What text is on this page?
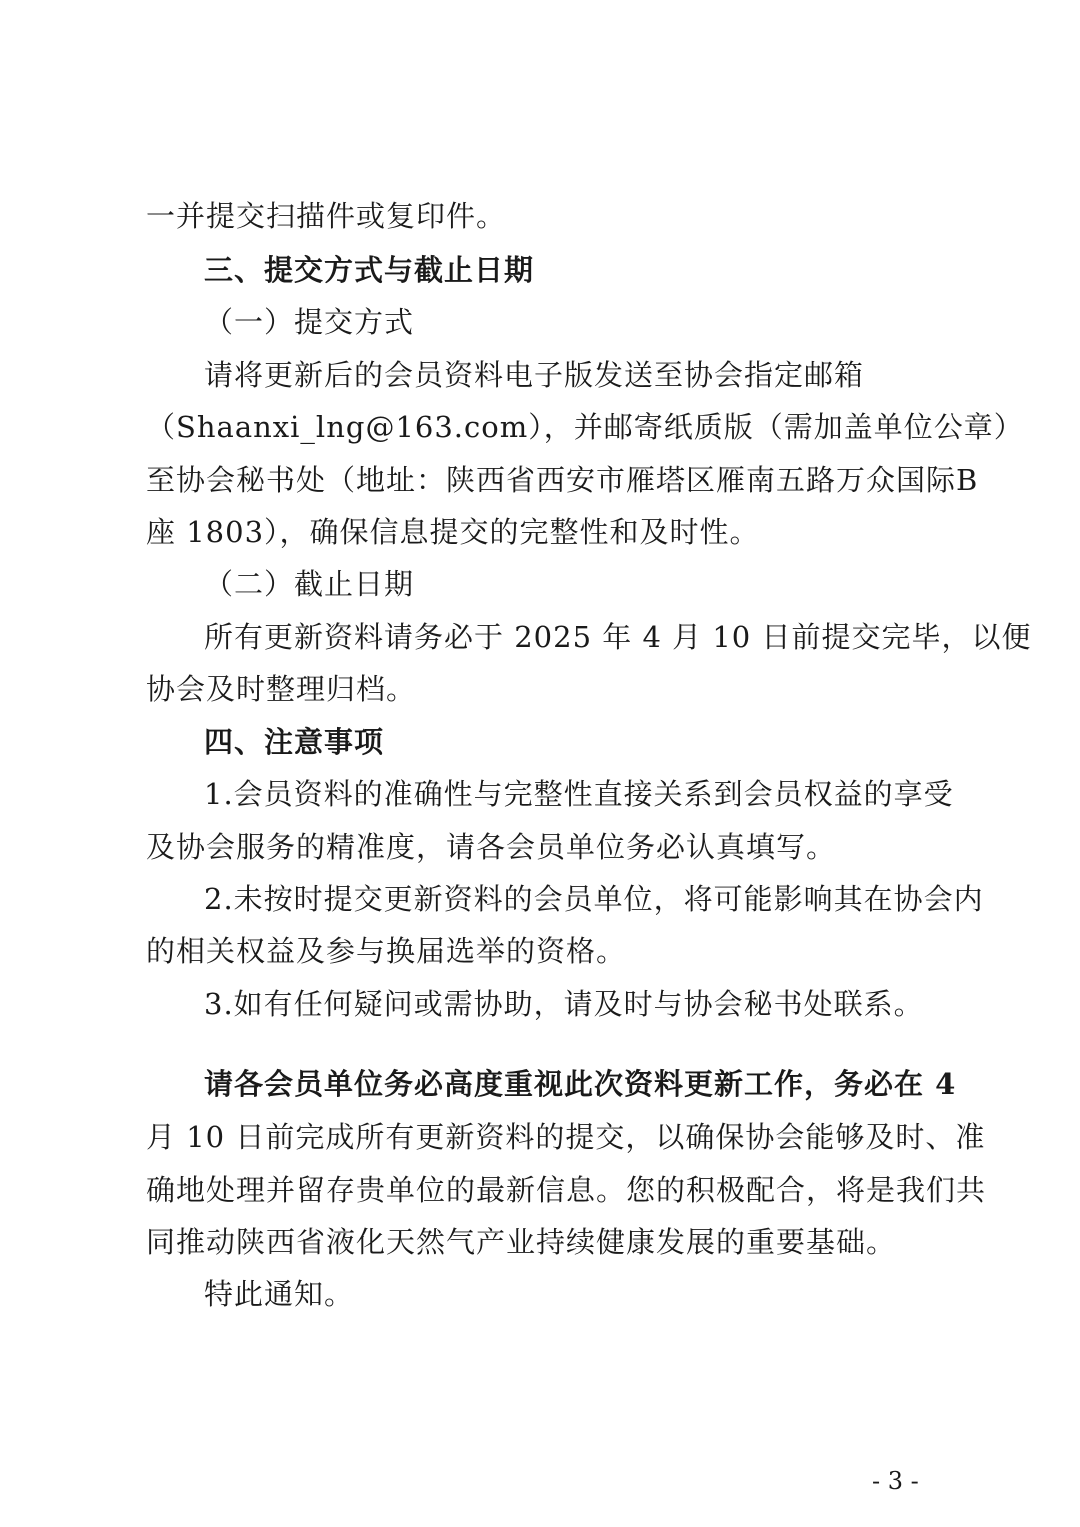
一并提交扫描件或复印件。
三、提交方式与截止日期
（一）提交方式
请将更新后的会员资料电子版发送至协会指定邮箱
（Shaanxi_lng@163.com），并邮寄纸质版（需加盖单位公章）
至协会秘书处（地址：陕西省西安市雁塔区雁南五路万众国际B
座 1803），确保信息提交的完整性和及时性。
（二）截止日期
所有更新资料请务必于 2025 年 4 月 10 日前提交完毕，以便
协会及时整理归档。
四、注意事项
1.会员资料的准确性与完整性直接关系到会员权益的享受
及协会服务的精准度，请各会员单位务必认真填写。
2.未按时提交更新资料的会员单位，将可能影响其在协会内
的相关权益及参与换届选举的资格。
3.如有任何疑问或需协助，请及时与协会秘书处联系。
请各会员单位务必高度重视此次资料更新工作，务必在 4
月 10 日前完成所有更新资料的提交，以确保协会能够及时、准
确地处理并留存贵单位的最新信息。您的积极配合，将是我们共
同推动陕西省液化天然气产业持续健康发展的重要基础。
特此通知。
- 3 -
